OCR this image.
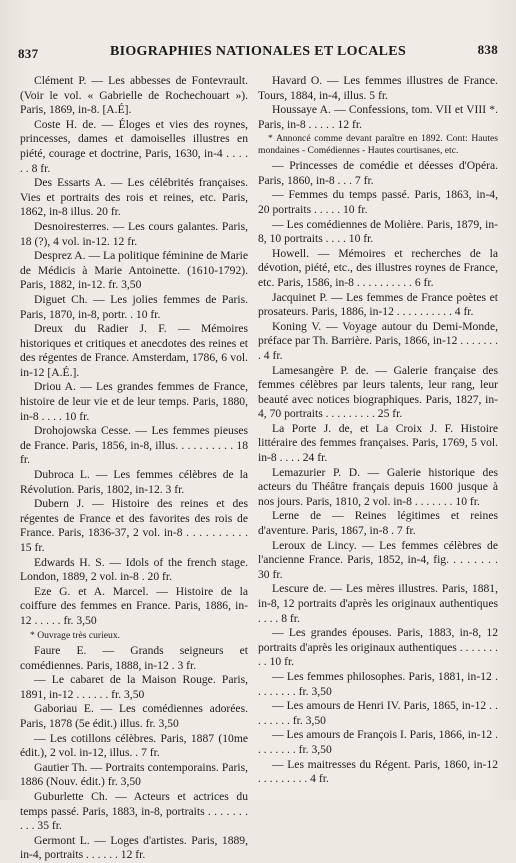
837	BIOGRAPHIES NATIONALES ET LOCALES	838

Clément P. — Les abbesses de Fontevrault. (Voir le vol. « Gabrielle de Rochechouart »). Paris, 1869, in-8. [A.É].

Coste H. de. — Éloges et vies des roynes, princesses, dames et damoiselles illustres en piété, courage et doctrine, Paris, 1630, in-4 . . . . . . 8 fr.

Des Essarts A. — Les célébrités françaises. Vies et portraits des rois et reines, etc. Paris, 1862, in-8 illus. 20 fr.

Desnoiresterres. — Les cours galantes. Paris, 18 (?), 4 vol. in-12. 12 fr.

Desprez A. — La politique féminine de Marie de Médicis à Marie Antoinette. (1610-1792). Paris, 1882, in-12. fr. 3,50

Diguet Ch. — Les jolies femmes de Paris. Paris, 1870, in-8, portr. . 10 fr.

Dreux du Radier J. F. — Mémoires historiques et critiques et anecdotes des reines et des régentes de France. Amsterdam, 1786, 6 vol. in-12 [A.É.].

Driou A. — Les grandes femmes de France, histoire de leur vie et de leur temps. Paris, 1880, in-8 . . . . 10 fr.

Drohojowska Cesse. — Les femmes pieuses de France. Paris, 1856, in-8, illus. . . . . . . . . . 18 fr.

Dubroca L. — Les femmes célèbres de la Révolution. Paris, 1802, in-12. 3 fr.

Dubern J. — Histoire des reines et des régentes de France et des favorites des rois de France. Paris, 1836-37, 2 vol. in-8 . . . . . . . . . . 15 fr.

Edwards H. S. — Idols of the french stage. London, 1889, 2 vol. in-8 . 20 fr.

Eze G. et A. Marcel. — Histoire de la coiffure des femmes en France. Paris, 1886, in-12 . . . . . fr. 3,50

* Ouvrage très curieux.

Faure E. — Grands seigneurs et comédiennes. Paris, 1888, in-12 . 3 fr.

— Le cabaret de la Maison Rouge. Paris, 1891, in-12 . . . . . . fr. 3,50

Gaboriau E. — Les comédiennes adorées. Paris, 1878 (5e édit.) illus. fr. 3,50

— Les cotillons célèbres. Paris, 1887 (10me édit.), 2 vol. in-12, illus. . 7 fr.

Gautier Th. — Portraits contemporains. Paris, 1886 (Nouv. édit.) fr. 3,50

Guburlette Ch. — Acteurs et actrices du temps passé. Paris, 1883, in-8, portraits . . . . . . . . . . 35 fr.

Germont L. — Loges d'artistes. Paris, 1889, in-4, portraits . . . . . . 12 fr.

Havard O. — Les femmes illustres de France. Tours, 1884, in-4, illus. 5 fr.

Houssaye A. — Confessions, tom. VII et VIII *. Paris, in-8 . . . . . 12 fr.

* Annoncé comme devant paraître en 1892. Cont: Hautes mondaines - Comédiennes - Hautes courtisanes, etc.

— Princesses de comédie et déesses d'Opéra. Paris, 1860, in-8 . . . 7 fr.

— Femmes du temps passé. Paris, 1863, in-4, 20 portraits . . . . . 10 fr.

— Les comédiennes de Molière. Paris, 1879, in-8, 10 portraits . . . . 10 fr.

Howell. — Mémoires et recherches de la dévotion, piété, etc., des illustres roynes de France, etc. Paris, 1586, in-8 . . . . . . . . . . 6 fr.

Jacquinet P. — Les femmes de France poètes et prosateurs. Paris, 1886, in-12 . . . . . . . . . . 4 fr.

Koning V. — Voyage autour du Demi-Monde, préface par Th. Barrière. Paris, 1866, in-12 . . . . . . . . 4 fr.

Lamesangère P. de. — Galerie française des femmes célèbres par leurs talents, leur rang, leur beauté avec notices biographiques. Paris, 1827, in-4, 70 portraits . . . . . . . . . 25 fr.

La Porte J. de, et La Croix J. F. Histoire littéraire des femmes françaises. Paris, 1769, 5 vol. in-8 . . . . 24 fr.

Lemazurier P. D. — Galerie historique des acteurs du Théâtre français depuis 1600 jusque à nos jours. Paris, 1810, 2 vol. in-8 . . . . . . . 10 fr.

Lerne de — Reines légitimes et reines d'aventure. Paris, 1867, in-8 . 7 fr.

Leroux de Lincy. — Les femmes célèbres de l'ancienne France. Paris, 1852, in-4, fig. . . . . . . . 30 fr.

Lescure de. — Les mères illustres. Paris, 1881, in-8, 12 portraits d'après les originaux authentiques . . . . 8 fr.

— Les grandes épouses. Paris, 1883, in-8, 12 portraits d'après les originaux authentiques . . . . . . . . . 10 fr.

— Les femmes philosophes. Paris, 1881, in-12 . . . . . . . . fr. 3,50

— Les amours de Henri IV. Paris, 1865, in-12 . . . . . . . . fr. 3,50

— Les amours de François I. Paris, 1866, in-12 . . . . . . . . fr. 3,50

— Les maitresses du Régent. Paris, 1860, in-12 . . . . . . . . . 4 fr.
